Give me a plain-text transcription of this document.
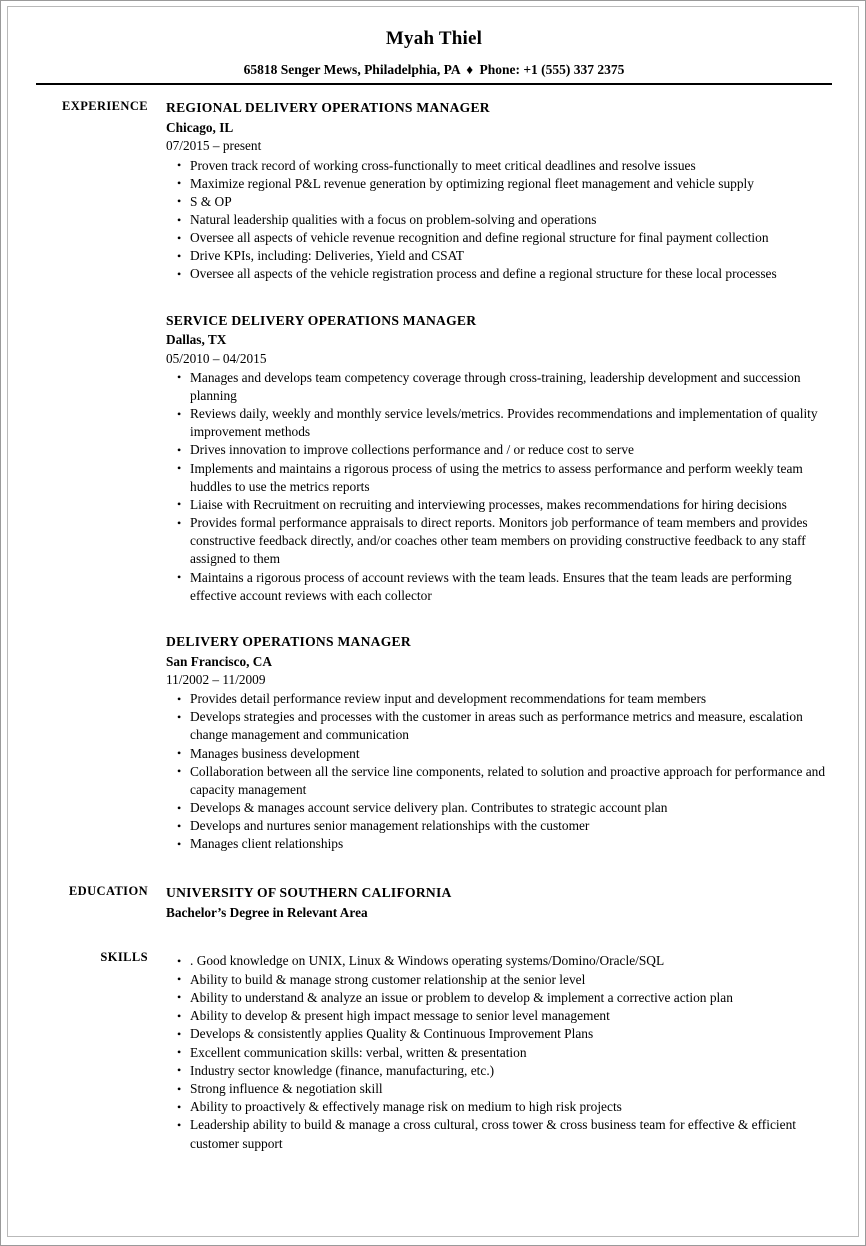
Myah Thiel
65818 Senger Mews, Philadelphia, PA ♦ Phone: +1 (555) 337 2375
EXPERIENCE	REGIONAL DELIVERY OPERATIONS MANAGER
Chicago, IL
07/2015 – present
• Proven track record of working cross-functionally to meet critical deadlines and resolve issues
• Maximize regional P&L revenue generation by optimizing regional fleet management and vehicle supply
• S & OP
• Natural leadership qualities with a focus on problem-solving and operations
• Oversee all aspects of vehicle revenue recognition and define regional structure for final payment collection
• Drive KPIs, including: Deliveries, Yield and CSAT
• Oversee all aspects of the vehicle registration process and define a regional structure for these local processes
SERVICE DELIVERY OPERATIONS MANAGER
Dallas, TX
05/2010 – 04/2015
• Manages and develops team competency coverage through cross-training, leadership development and succession planning
• Reviews daily, weekly and monthly service levels/metrics. Provides recommendations and implementation of quality improvement methods
• Drives innovation to improve collections performance and / or reduce cost to serve
• Implements and maintains a rigorous process of using the metrics to assess performance and perform weekly team huddles to use the metrics reports
• Liaise with Recruitment on recruiting and interviewing processes, makes recommendations for hiring decisions
• Provides formal performance appraisals to direct reports. Monitors job performance of team members and provides constructive feedback directly, and/or coaches other team members on providing constructive feedback to any staff assigned to them
• Maintains a rigorous process of account reviews with the team leads. Ensures that the team leads are performing effective account reviews with each collector
DELIVERY OPERATIONS MANAGER
San Francisco, CA
11/2002 – 11/2009
• Provides detail performance review input and development recommendations for team members
• Develops strategies and processes with the customer in areas such as performance metrics and measure, escalation change management and communication
• Manages business development
• Collaboration between all the service line components, related to solution and proactive approach for performance and capacity management
• Develops & manages account service delivery plan. Contributes to strategic account plan
• Develops and nurtures senior management relationships with the customer
• Manages client relationships
EDUCATION	UNIVERSITY OF SOUTHERN CALIFORNIA
Bachelor’s Degree in Relevant Area
SKILLS	• . Good knowledge on UNIX, Linux & Windows operating systems/Domino/Oracle/SQL
• Ability to build & manage strong customer relationship at the senior level
• Ability to understand & analyze an issue or problem to develop & implement a corrective action plan
• Ability to develop & present high impact message to senior level management
• Develops & consistently applies Quality & Continuous Improvement Plans
• Excellent communication skills: verbal, written & presentation
• Industry sector knowledge (finance, manufacturing, etc.)
• Strong influence & negotiation skill
• Ability to proactively & effectively manage risk on medium to high risk projects
• Leadership ability to build & manage a cross cultural, cross tower & cross business team for effective & efficient customer support
